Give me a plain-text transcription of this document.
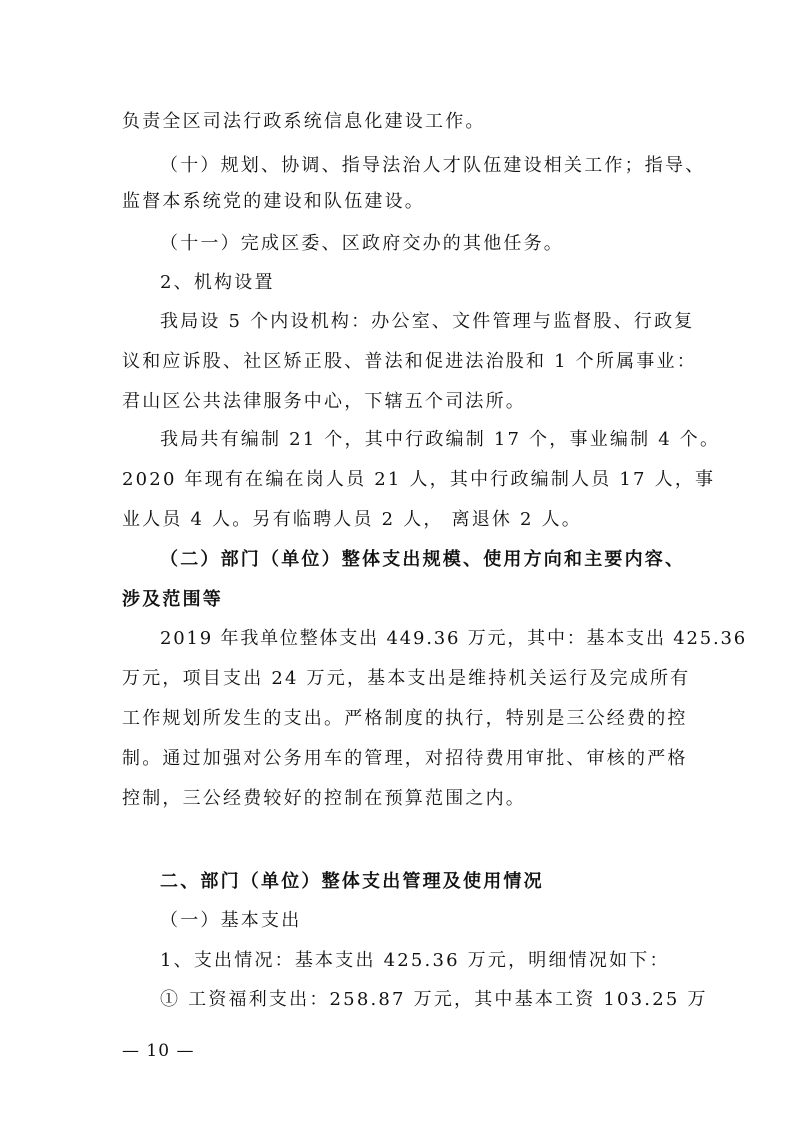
负责全区司法行政系统信息化建设工作。
（十）规划、协调、指导法治人才队伍建设相关工作；指导、
监督本系统党的建设和队伍建设。
（十一）完成区委、区政府交办的其他任务。
2、机构设置
我局设 5 个内设机构：办公室、文件管理与监督股、行政复
议和应诉股、社区矫正股、普法和促进法治股和 1 个所属事业：
君山区公共法律服务中心，下辖五个司法所。
我局共有编制 21 个，其中行政编制 17 个，事业编制 4 个。
2020 年现有在编在岗人员 21 人，其中行政编制人员 17 人，事
业人员 4 人。另有临聘人员 2 人， 离退休 2 人。
（二）部门（单位）整体支出规模、使用方向和主要内容、
涉及范围等
2019 年我单位整体支出 449.36 万元，其中：基本支出 425.36
万元，项目支出 24 万元，基本支出是维持机关运行及完成所有
工作规划所发生的支出。严格制度的执行，特别是三公经费的控
制。通过加强对公务用车的管理，对招待费用审批、审核的严格
控制，三公经费较好的控制在预算范围之内。
二、部门（单位）整体支出管理及使用情况
（一）基本支出
1、支出情况：基本支出 425.36 万元，明细情况如下：
① 工资福利支出：258.87 万元，其中基本工资 103.25 万
— 10 —
